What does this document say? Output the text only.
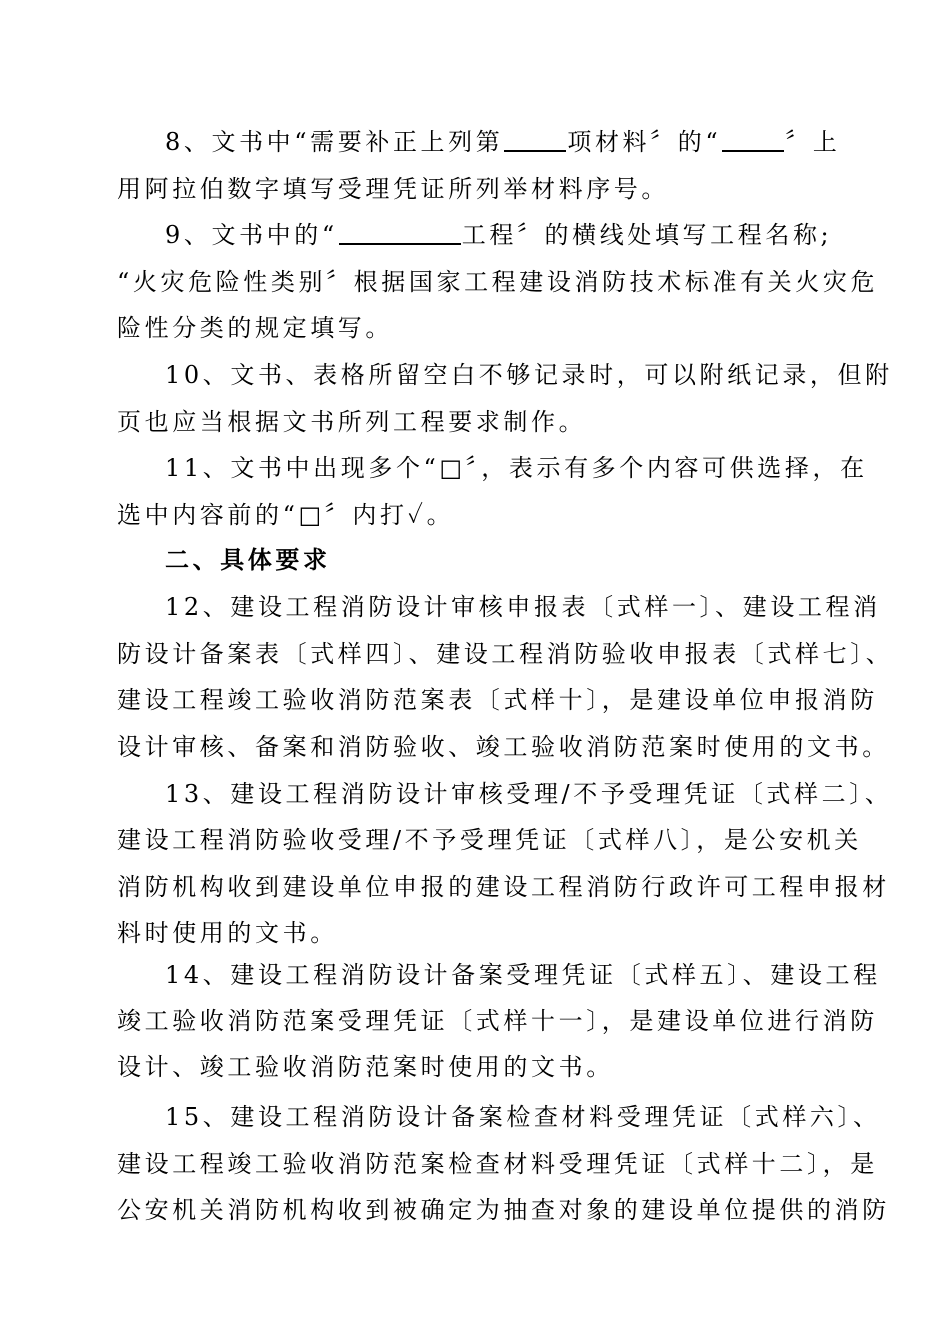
8、文书中“需要补正上列第	项材料〞的“	〞上
用阿拉伯数字填写受理凭证所列举材料序号。
9、文书中的“	工程〞的横线处填写工程名称;
“火灾危险性类别〞根据国家工程建设消防技术标准有关火灾危
险性分类的规定填写。
10、文书、表格所留空白不够记录时，可以附纸记录，但附
页也应当根据文书所列工程要求制作。
11、文书中出现多个“□〞，表示有多个内容可供选择，在
选中内容前的“□〞内打✓。
二、具体要求
12、建设工程消防设计审核申报表〔式样一〕、建设工程消
防设计备案表〔式样四〕、建设工程消防验收申报表〔式样七〕、
建设工程竣工验收消防范案表〔式样十〕，是建设单位申报消防
设计审核、备案和消防验收、竣工验收消防范案时使用的文书。
13、建设工程消防设计审核受理/不予受理凭证〔式样二〕、
建设工程消防验收受理/不予受理凭证〔式样八〕，是公安机关
消防机构收到建设单位申报的建设工程消防行政许可工程申报材
料时使用的文书。
14、建设工程消防设计备案受理凭证〔式样五〕、建设工程
竣工验收消防范案受理凭证〔式样十一〕，是建设单位进行消防
设计、竣工验收消防范案时使用的文书。
15、建设工程消防设计备案检查材料受理凭证〔式样六〕、
建设工程竣工验收消防范案检查材料受理凭证〔式样十二〕，是
公安机关消防机构收到被确定为抽查对象的建设单位提供的消防
